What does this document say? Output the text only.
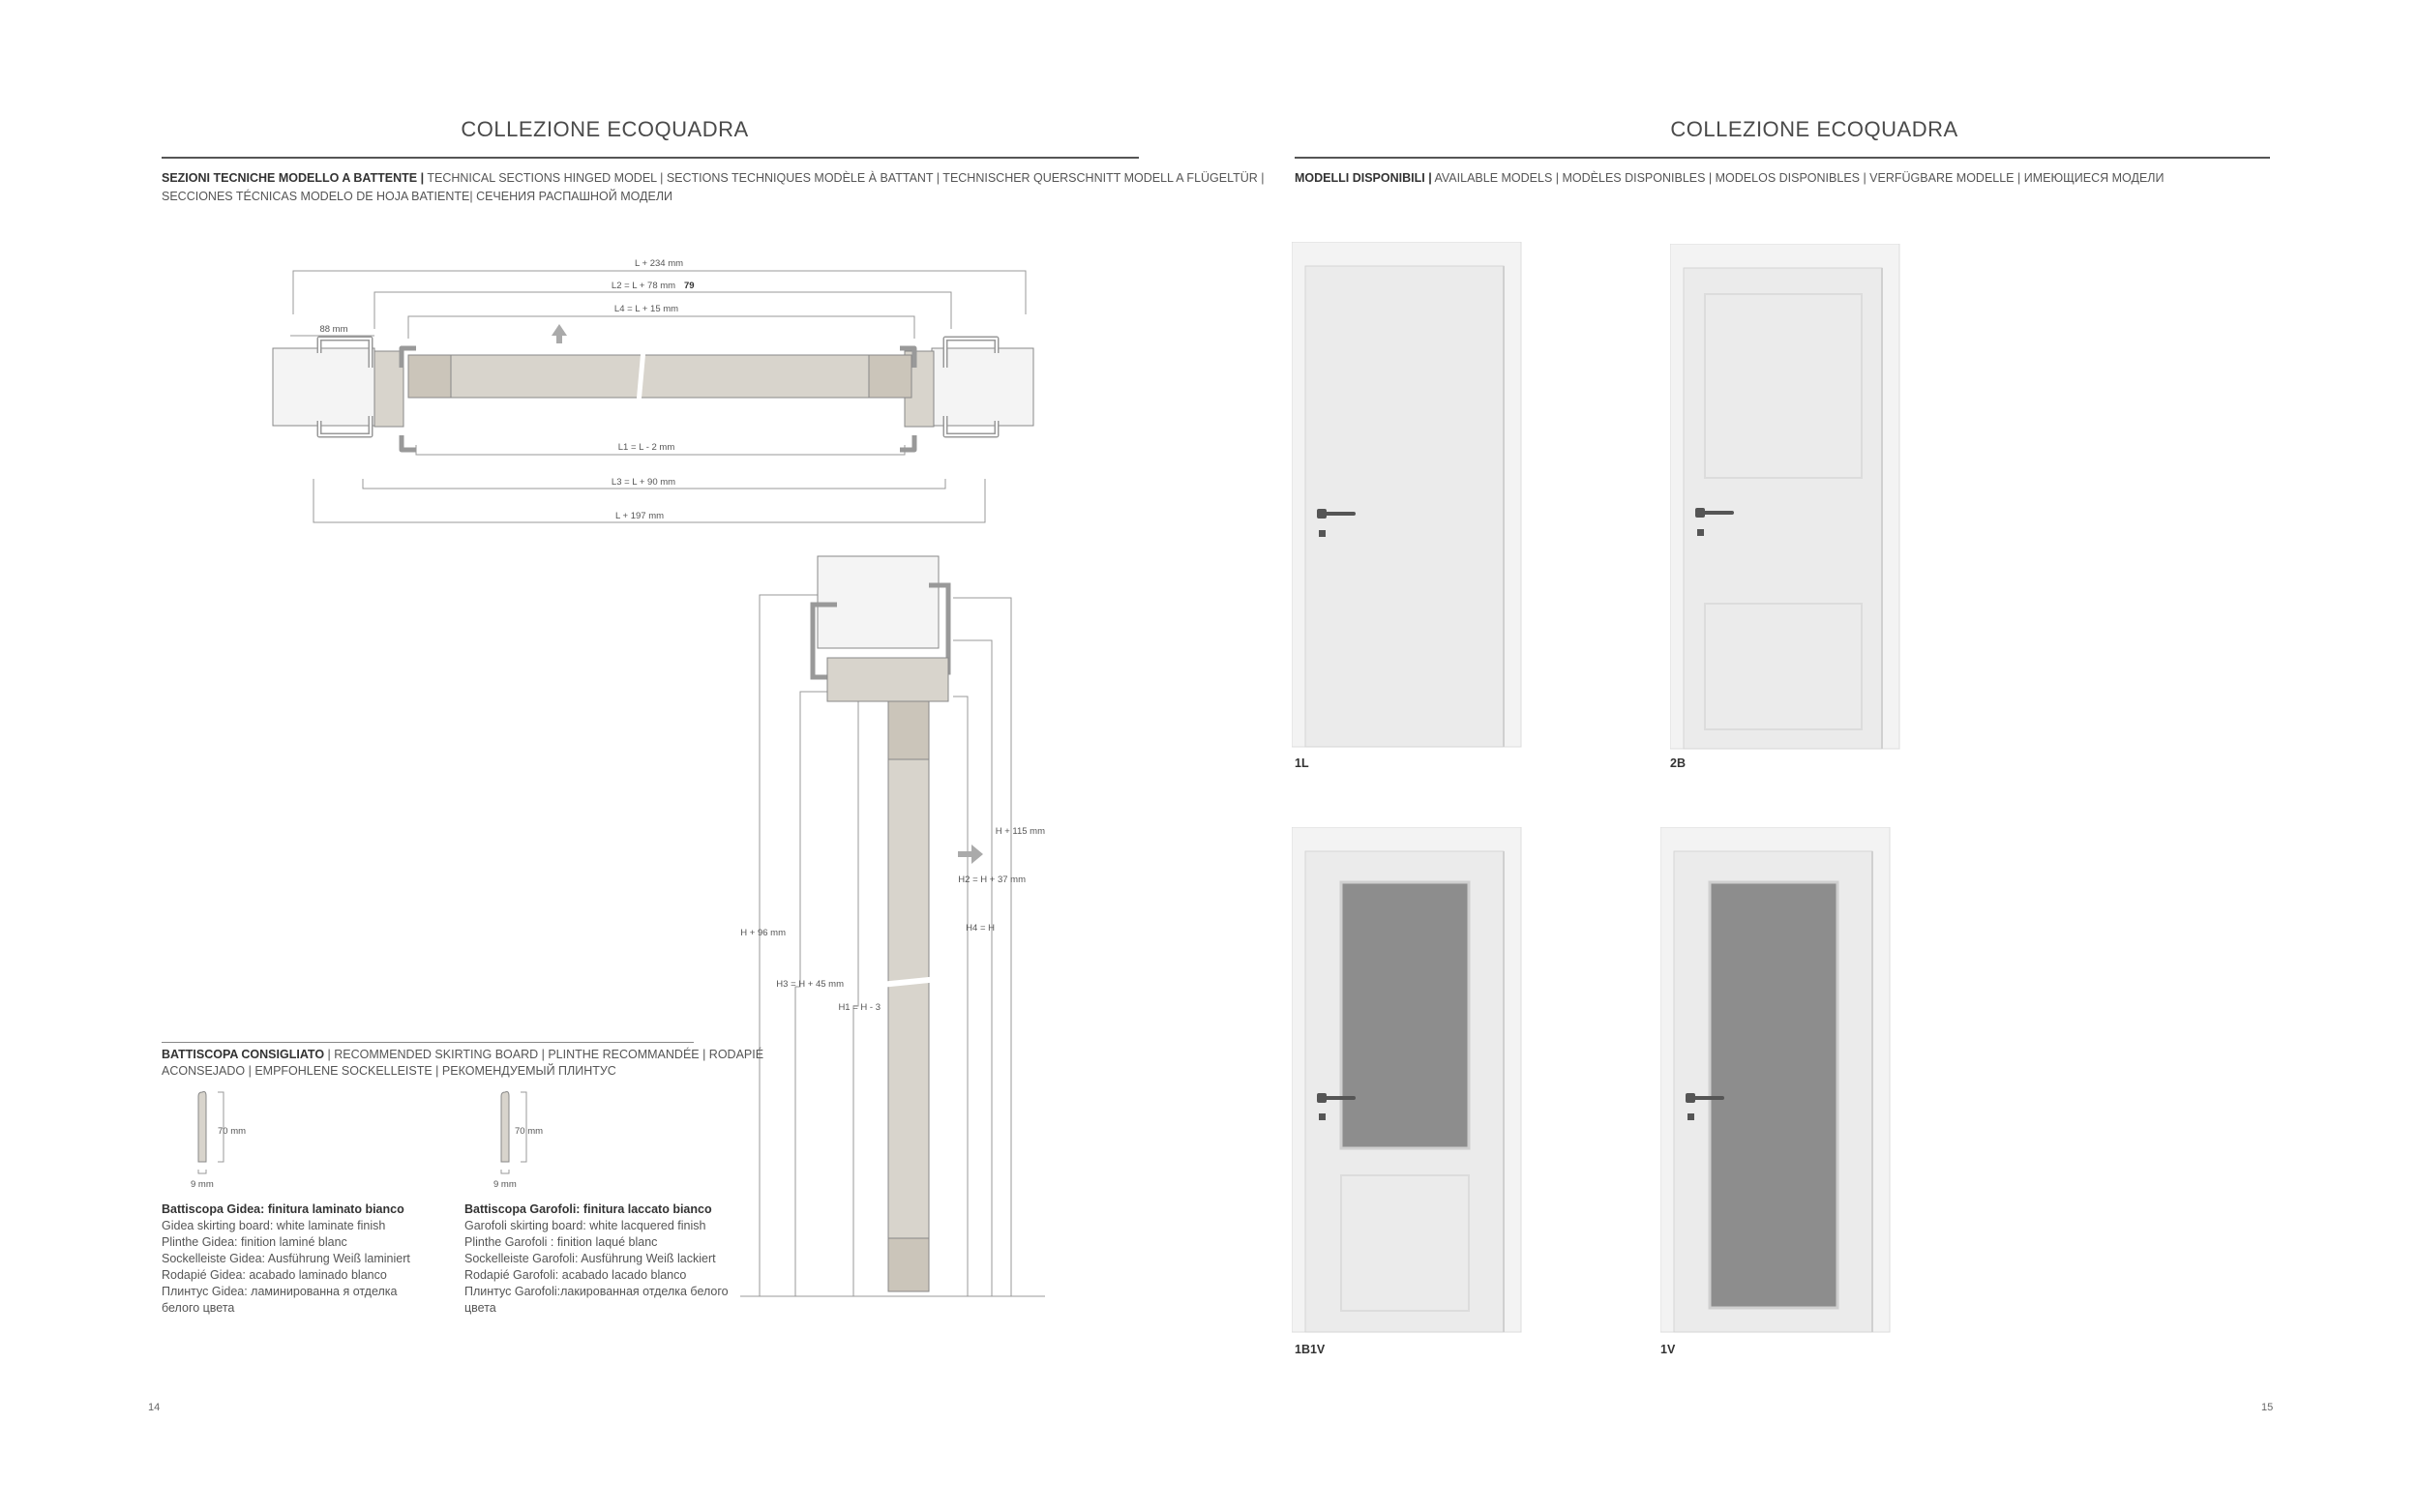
COLLEZIONE ECOQUADRA
SEZIONI TECNICHE MODELLO A BATTENTE | TECHNICAL SECTIONS HINGED MODEL | SECTIONS TECHNIQUES MODÈLE À BATTANT | TECHNISCHER QUERSCHNITT MODELL A FLÜGELTÜR |
SECCIONES TÉCNICAS MODELO DE HOJA BATIENTE| СЕЧЕНИЯ РАСПАШНОЙ МОДЕЛИ
L + 234 mm
L2 = L + 78 mm 79
L4 = L + 15 mm
88 mm
L1 = L - 2 mm
L3 = L + 90 mm
L + 197 mm
H + 115 mm
H2 = H + 37 mm
H4 = H
H + 96 mm
H3 = H + 45 mm
H1 = H - 3
BATTISCOPA CONSIGLIATO | RECOMMENDED SKIRTING BOARD | PLINTHE RECOMMANDÉE | RODAPIÉ
ACONSEJADO | EMPFOHLENE SOCKELLEISTE | РЕКОМЕНДУЕМЫЙ ПЛИНТУС
70 mm
9 mm
70 mm
9 mm
Battiscopa Gidea: finitura laminato bianco
Gidea skirting board: white laminate finish
Plinthe Gidea: finition laminé blanc
Sockelleiste Gidea: Ausführung Weiß laminiert
Rodapié Gidea: acabado laminado blanco
Плинтус Gidea: ламинированна я отделка
белого цвета
Battiscopa Garofoli: finitura laccato bianco
Garofoli skirting board: white lacquered finish
Plinthe Garofoli : finition laqué blanc
Sockelleiste Garofoli: Ausführung Weiß lackiert
Rodapié Garofoli: acabado lacado blanco
Плинтус Garofoli:лакированная отделка белого
цвета
14
COLLEZIONE ECOQUADRA
MODELLI DISPONIBILI | AVAILABLE MODELS | MODÈLES DISPONIBLES | MODELOS DISPONIBLES | VERFÜGBARE MODELLE | ИМЕЮЩИЕСЯ МОДЕЛИ
1L	2B
1B1V	1V
15
